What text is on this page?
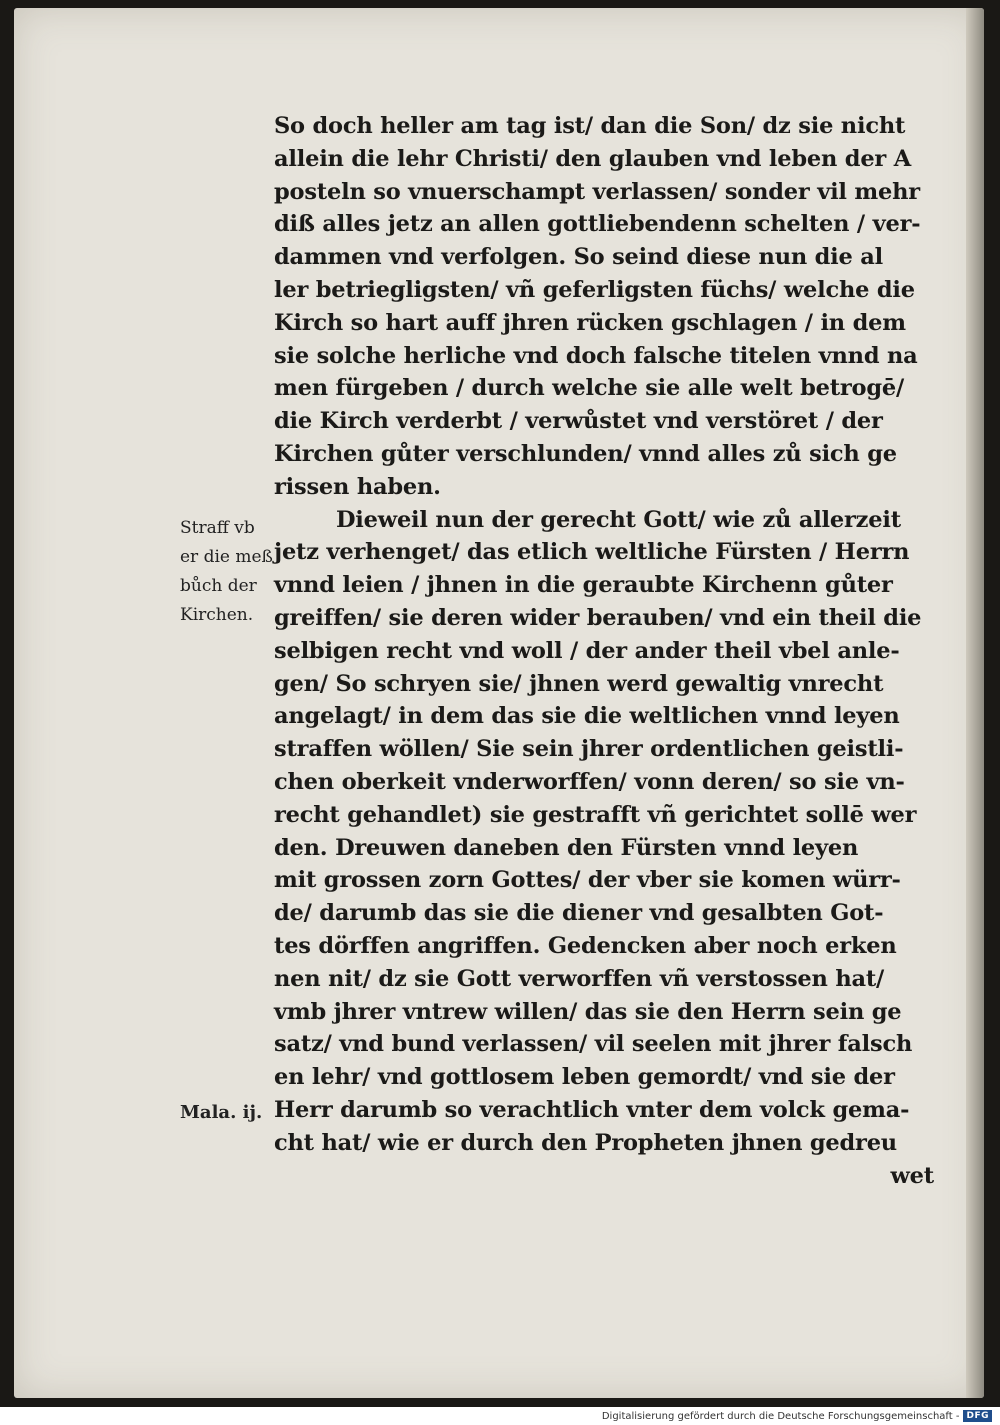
So doch heller am tag ist/ dan die Son/ dz sie nicht
allein die lehr Christi/ den glauben vnd leben der A
posteln so vnuerschampt verlassen/ sonder vil mehr
diß alles jetz an allen gottliebendenn schelten / ver-
dammen vnd verfolgen. So seind diese nun die al
ler betriegligsten/ vñ geferligsten füchs/ welche die
Kirch so hart auff jhren rücken gschlagen / in dem
sie solche herliche vnd doch falsche titelen vnnd na
men fürgeben / durch welche sie alle welt betrogē/
die Kirch verderbt / verwůstet vnd verstöret / der
Kirchen gůter verschlunden/ vnnd alles zů sich ge
rissen haben.
Dieweil nun der gerecht Gott/ wie zů allerzeit
jetz verhenget/ das etlich weltliche Fürsten / Herrn
vnnd leien / jhnen in die geraubte Kirchenn gůter
greiffen/ sie deren wider berauben/ vnd ein theil die
selbigen recht vnd woll / der ander theil vbel anle-
gen/ So schryen sie/ jhnen werd gewaltig vnrecht
angelagt/ in dem das sie die weltlichen vnnd leyen
straffen wöllen/ Sie sein jhrer ordentlichen geistli-
chen oberkeit vnderworffen/ vonn deren/ so sie vn-
recht gehandlet) sie gestrafft vñ gerichtet sollē wer
den. Dreuwen daneben den Fürsten vnnd leyen
mit grossen zorn Gottes/ der vber sie komen würr-
de/ darumb das sie die diener vnd gesalbten Got-
tes dörffen angriffen. Gedencken aber noch erken
nen nit/ dz sie Gott verworffen vñ verstossen hat/
vmb jhrer vntrew willen/ das sie den Herrn sein ge
satz/ vnd bund verlassen/ vil seelen mit jhrer falsch
en lehr/ vnd gottlosem leben gemordt/ vnd sie der
Herr darumb so verachtlich vnter dem volck gema-
cht hat/ wie er durch den Propheten jhnen gedreu
wet
Straff vb
er die meß
bůch der
Kirchen.
Mala. ij.
Digitalisierung gefördert durch die Deutsche Forschungsgemeinschaft - DFG
